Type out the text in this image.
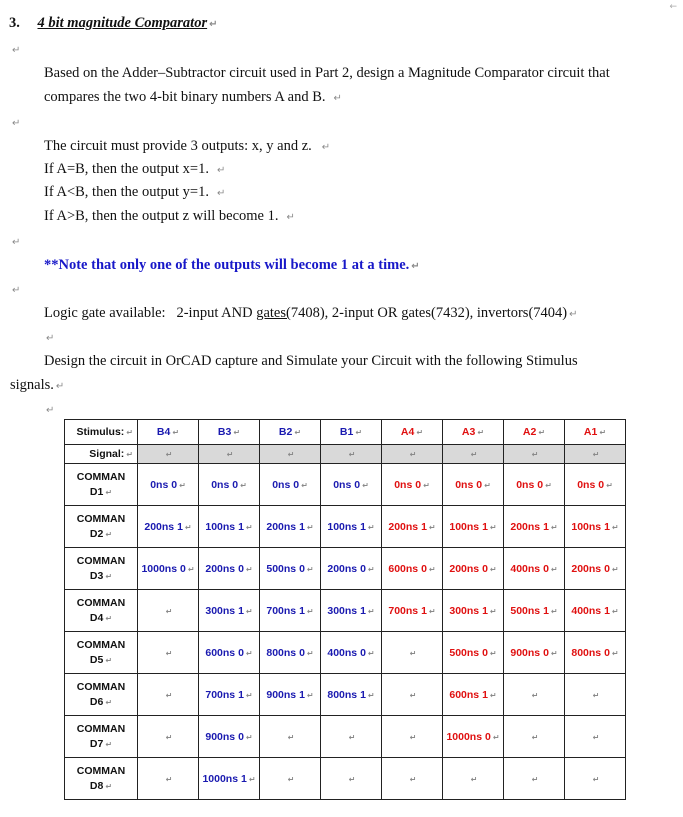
←
3. 4 bit magnitude Comparator ↵
↵
Based on the Adder–Subtractor circuit used in Part 2, design a Magnitude Comparator circuit that
compares the two 4-bit binary numbers A and B. ↵
↵
The circuit must provide 3 outputs: x, y and z. ↵
If A=B, then the output x=1. ↵
If A<B, then the output y=1. ↵
If A>B, then the output z will become 1. ↵
↵
**Note that only one of the outputs will become 1 at a time. ↵
↵
Logic gate available: 2-input AND gates(7408), 2-input OR gates(7432), invertors(7404) ↵
↵
Design the circuit in OrCAD capture and Simulate your Circuit with the following Stimulus
signals. ↵
↵
Stimulus: ↵	B4 ↵	B3 ↵	B2 ↵	B1 ↵	A4 ↵	A3 ↵	A2 ↵	A1 ↵
Signal: ↵	↵	↵	↵	↵	↵	↵	↵	↵
COMMAN
D1 ↵	0ns 0 ↵	0ns 0 ↵	0ns 0 ↵	0ns 0 ↵	0ns 0 ↵	0ns 0 ↵	0ns 0 ↵	0ns 0 ↵
COMMAN
D2 ↵	200ns 1 ↵	100ns 1 ↵	200ns 1 ↵	100ns 1 ↵	200ns 1 ↵	100ns 1 ↵	200ns 1 ↵	100ns 1 ↵
COMMAN
D3 ↵	1000ns 0 ↵	200ns 0 ↵	500ns 0 ↵	200ns 0 ↵	600ns 0 ↵	200ns 0 ↵	400ns 0 ↵	200ns 0 ↵
COMMAN
D4 ↵	↵	300ns 1 ↵	700ns 1 ↵	300ns 1 ↵	700ns 1 ↵	300ns 1 ↵	500ns 1 ↵	400ns 1 ↵
COMMAN
D5 ↵	↵	600ns 0 ↵	800ns 0 ↵	400ns 0 ↵	↵	500ns 0 ↵	900ns 0 ↵	800ns 0 ↵
COMMAN
D6 ↵	↵	700ns 1 ↵	900ns 1 ↵	800ns 1 ↵	↵	600ns 1 ↵	↵	↵
COMMAN
D7 ↵	↵	900ns 0 ↵	↵	↵	↵	1000ns 0 ↵	↵	↵
COMMAN
D8 ↵	↵	1000ns 1 ↵	↵	↵	↵	↵	↵	↵
